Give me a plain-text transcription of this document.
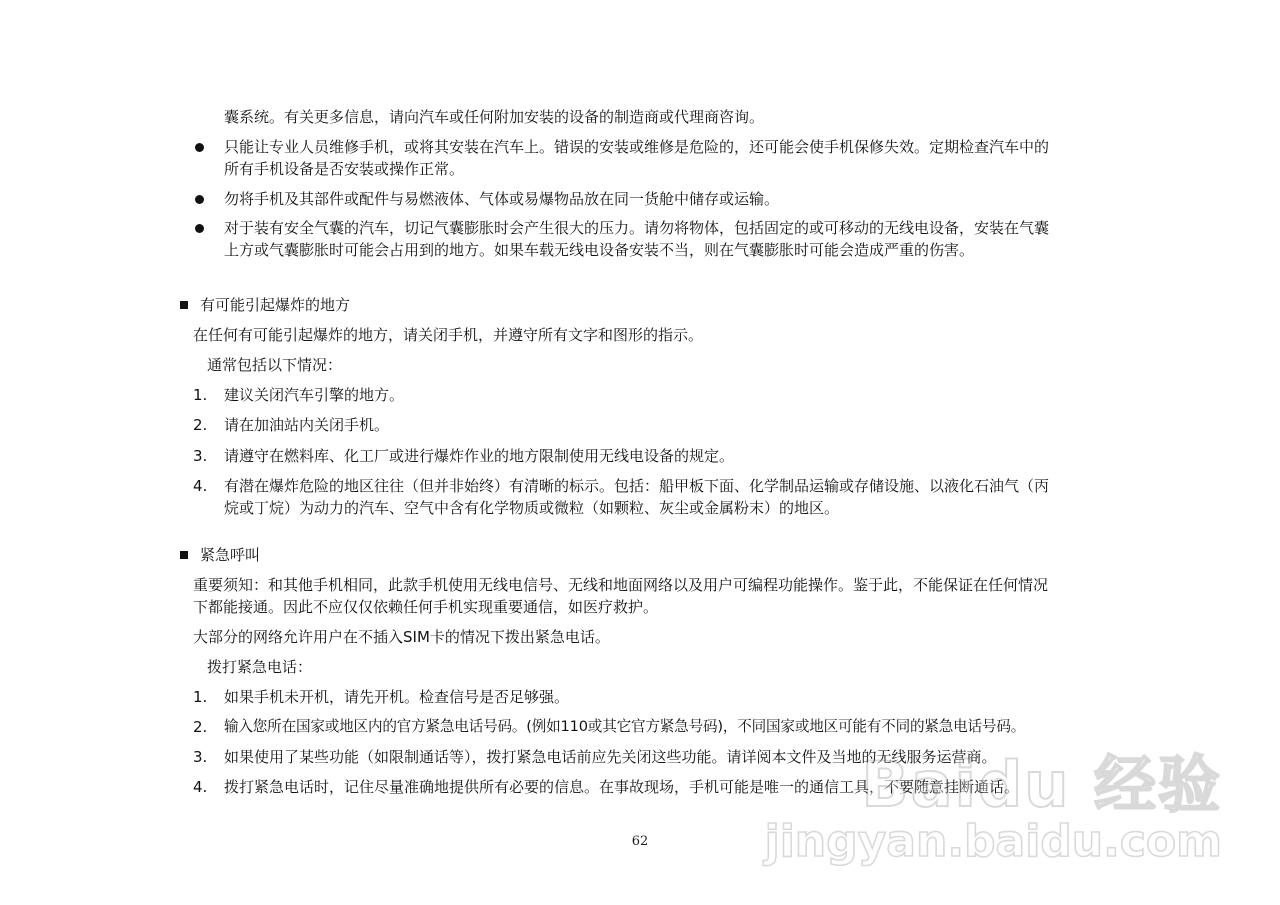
囊系统。有关更多信息，请向汽车或任何附加安装的设备的制造商或代理商咨询。
只能让专业人员维修手机，或将其安装在汽车上。错误的安装或维修是危险的，还可能会使手机保修失效。定期检查汽车中的
所有手机设备是否安装或操作正常。
勿将手机及其部件或配件与易燃液体、气体或易爆物品放在同一货舱中储存或运输。
对于装有安全气囊的汽车，切记气囊膨胀时会产生很大的压力。请勿将物体，包括固定的或可移动的无线电设备，安装在气囊
上方或气囊膨胀时可能会占用到的地方。如果车载无线电设备安装不当，则在气囊膨胀时可能会造成严重的伤害。
有可能引起爆炸的地方
在任何有可能引起爆炸的地方，请关闭手机，并遵守所有文字和图形的指示。
通常包括以下情况：
1. 建议关闭汽车引擎的地方。
2. 请在加油站内关闭手机。
3. 请遵守在燃料库、化工厂或进行爆炸作业的地方限制使用无线电设备的规定。
4. 有潜在爆炸危险的地区往往（但并非始终）有清晰的标示。包括：船甲板下面、化学制品运输或存储设施、以液化石油气（丙
烷或丁烷）为动力的汽车、空气中含有化学物质或微粒（如颗粒、灰尘或金属粉末）的地区。
紧急呼叫
重要须知：和其他手机相同，此款手机使用无线电信号、无线和地面网络以及用户可编程功能操作。鉴于此，不能保证在任何情况
下都能接通。因此不应仅仅依赖任何手机实现重要通信，如医疗救护。
大部分的网络允许用户在不插入SIM卡的情况下拨出紧急电话。
拨打紧急电话：
1. 如果手机未开机，请先开机。检查信号是否足够强。
2. 输入您所在国家或地区内的官方紧急电话号码。(例如110或其它官方紧急号码)，不同国家或地区可能有不同的紧急电话号码。
3. 如果使用了某些功能（如限制通话等），拨打紧急电话前应先关闭这些功能。请详阅本文件及当地的无线服务运营商。
4. 拨打紧急电话时，记住尽量准确地提供所有必要的信息。在事故现场，手机可能是唯一的通信工具，不要随意挂断通话。
62
Baidu 经验
jingyan.baidu.com
